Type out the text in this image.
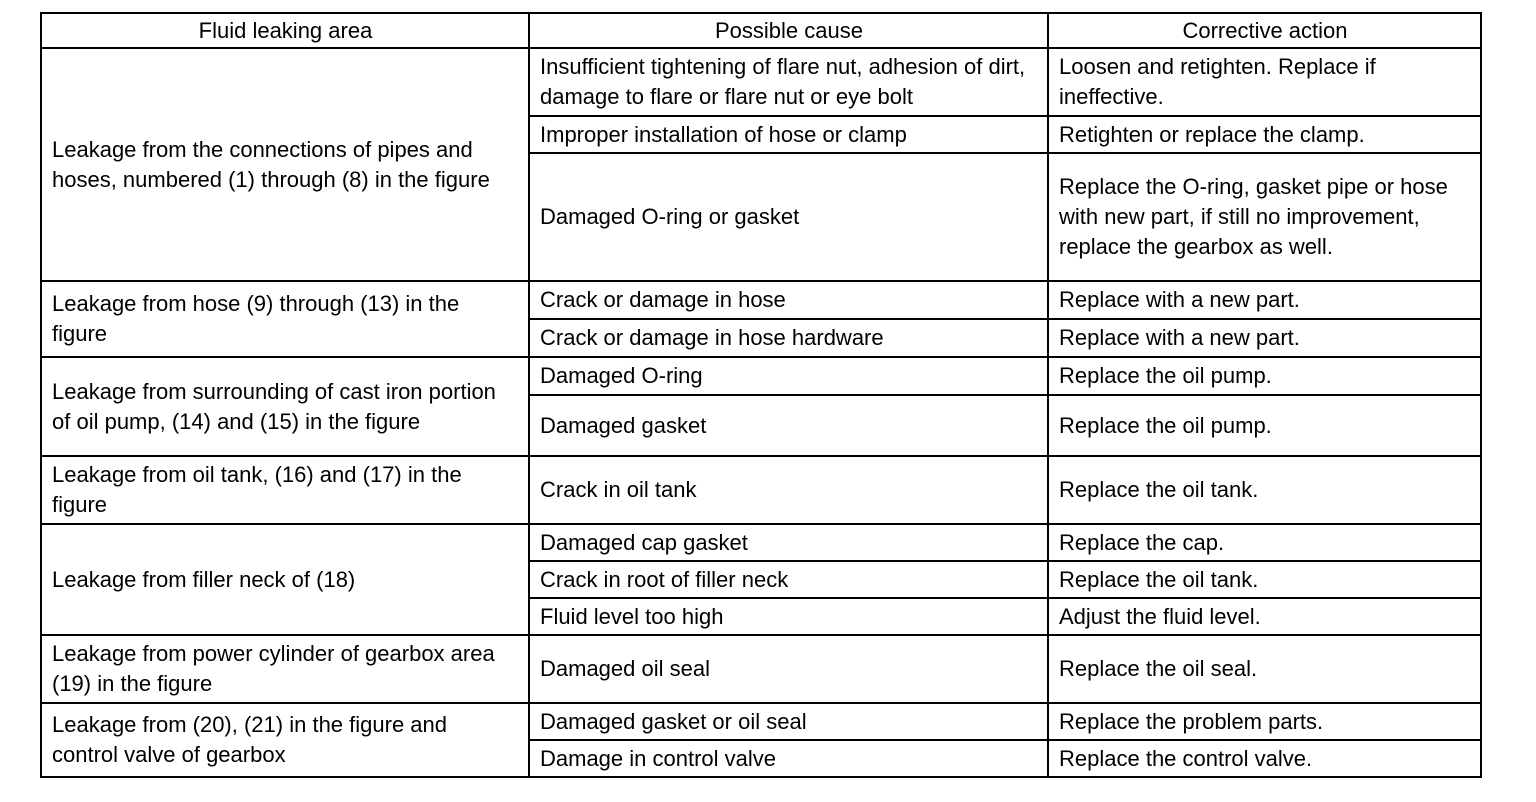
Fluid leaking area	Possible cause	Corrective action
Leakage from the connections of pipes and hoses, numbered (1) through (8) in the figure	Insufficient tightening of flare nut, adhesion of dirt, damage to flare or flare nut or eye bolt	Loosen and retighten. Replace if ineffective.
	Improper installation of hose or clamp	Retighten or replace the clamp.
	Damaged O-ring or gasket	Replace the O-ring, gasket pipe or hose with new part, if still no improvement, replace the gearbox as well.
Leakage from hose (9) through (13) in the figure	Crack or damage in hose	Replace with a new part.
	Crack or damage in hose hardware	Replace with a new part.
Leakage from surrounding of cast iron portion of oil pump, (14) and (15) in the figure	Damaged O-ring	Replace the oil pump.
	Damaged gasket	Replace the oil pump.
Leakage from oil tank, (16) and (17) in the figure	Crack in oil tank	Replace the oil tank.
Leakage from filler neck of (18)	Damaged cap gasket	Replace the cap.
	Crack in root of filler neck	Replace the oil tank.
	Fluid level too high	Adjust the fluid level.
Leakage from power cylinder of gearbox area (19) in the figure	Damaged oil seal	Replace the oil seal.
Leakage from (20), (21) in the figure and control valve of gearbox	Damaged gasket or oil seal	Replace the problem parts.
	Damage in control valve	Replace the control valve.
